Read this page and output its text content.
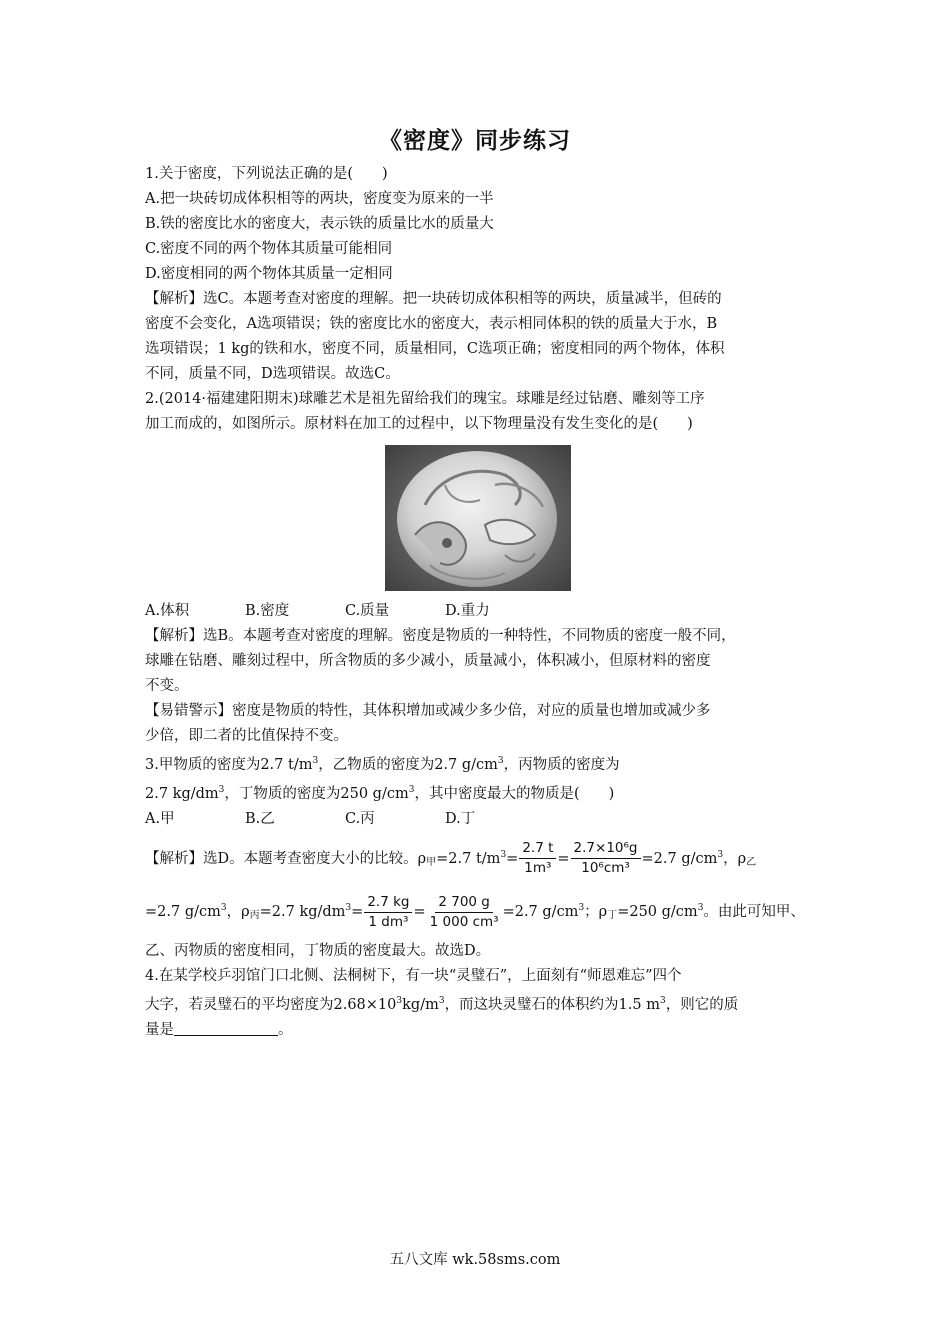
《密度》同步练习

1.关于密度，下列说法正确的是(　　)

A.把一块砖切成体积相等的两块，密度变为原来的一半

B.铁的密度比水的密度大，表示铁的质量比水的质量大

C.密度不同的两个物体其质量可能相同

D.密度相同的两个物体其质量一定相同

【解析】选C。本题考查对密度的理解。把一块砖切成体积相等的两块，质量减半，但砖的

密度不会变化，A选项错误；铁的密度比水的密度大，表示相同体积的铁的质量大于水，B

选项错误；1 kg的铁和水，密度不同，质量相同，C选项正确；密度相同的两个物体，体积

不同，质量不同，D选项错误。故选C。

2.(2014·福建建阳期末)球雕艺术是祖先留给我们的瑰宝。球雕是经过钻磨、雕刻等工序

加工而成的，如图所示。原材料在加工的过程中，以下物理量没有发生变化的是(　　)

A.体积	B.密度	C.质量	D.重力

【解析】选B。本题考查对密度的理解。密度是物质的一种特性，不同物质的密度一般不同，

球雕在钻磨、雕刻过程中，所含物质的多少减小，质量减小，体积减小，但原材料的密度

不变。

【易错警示】密度是物质的特性，其体积增加或减少多少倍，对应的质量也增加或减少多

少倍，即二者的比值保持不变。

3.甲物质的密度为2.7 $t/m^3$，乙物质的密度为2.7 $g/cm^3$，丙物质的密度为

2.7 $kg/dm^3$，丁物质的密度为250 $g/cm^3$，其中密度最大的物质是(　　)

A.甲	B.乙	C.丙	D.丁

【解析】选D。本题考查密度大小的比较。$\rho_甲=2.7$ $t/m^3= \frac{2.7 t}{\text{1m³}} = \frac{\text{2.7×10⁶g}}{\text{10⁶cm³}} =2.7$ $g/cm^3$，$\rho_乙$

=2.7 $g/cm^3$，$\rho_丙=2.7$ $kg/dm^3= \frac{2.7 kg}{\text{1 dm³}} = \frac{2 700 g}{\text{1 000 cm³}} =2.7$ $g/cm^3$；$\rho_丁=250$ $g/cm^3$。由此可知甲、

乙、丙物质的密度相同，丁物质的密度最大。故选D。

4.在某学校乒羽馆门口北侧、法桐树下，有一块“灵璧石”，上面刻有“师恩难忘”四个

大字，若灵璧石的平均密度为$2.68\times 10^3kg/m^3$，而这块灵璧石的体积约为1.5 $m^3$，则它的质

量是	。

五八文库 wk.58sms.com
